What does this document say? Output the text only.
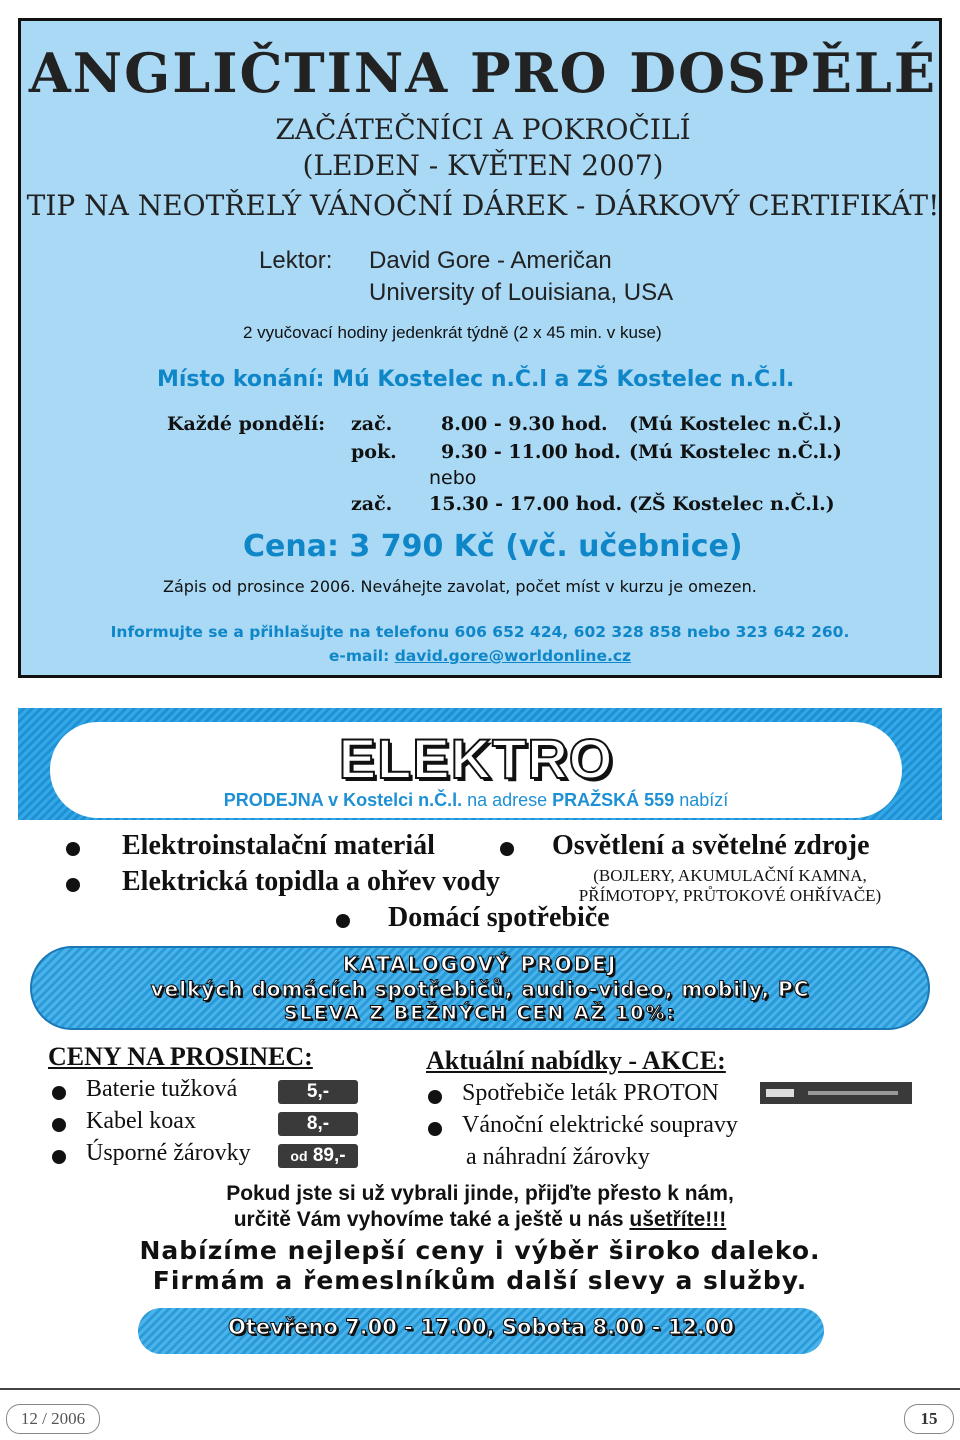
ANGLIČTINA PRO DOSPĚLÉ
ZAČÁTEČNÍCI A POKROČILÍ
(LEDEN - KVĚTEN 2007)
TIP NA NEOTŘELÝ VÁNOČNÍ DÁREK - DÁRKOVÝ CERTIFIKÁT!
Lektor: David Gore - Američan
University of Louisiana, USA
2 vyučovací hodiny jedenkrát týdně (2 x 45 min. v kuse)
Místo konání: Mú Kostelec n.Č.l a ZŠ Kostelec n.Č.l.
Každé pondělí: zač.	8.00 - 9.30 hod. (Mú Kostelec n.Č.l.)
pok. 9.30 - 11.00 hod. (Mú Kostelec n.Č.l.)
nebo
zač. 15.30 - 17.00 hod. (ZŠ Kostelec n.Č.l.)
Cena: 3 790 Kč (vč. učebnice)
Zápis od prosince 2006. Neváhejte zavolat, počet míst v kurzu je omezen.
Informujte se a přihlašujte na telefonu 606 652 424, 602 328 858 nebo 323 642 260.
e-mail: david.gore@worldonline.cz
ELEKTRO
PRODEJNA v Kostelci n.Č.l. na adrese PRAŽSKÁ 559 nabízí
Elektroinstalační materiál	Osvětlení a světelné zdroje
Elektrická topidla a ohřev vody	(BOJLERY, AKUMULAČNÍ KAMNA,
PŘÍMOTOPY, PRŮTOKOVÉ OHŘÍVAČE)
Domácí spotřebiče
KATALOGOVÝ PRODEJ
velkých domácích spotřebičů, audio-video, mobily, PC
SLEVA Z BEŽNÝCH CEN AŽ 10%:
CENY NA PROSINEC:
Baterie tužková	5,-
Kabel koax	8,-
Úsporné žárovky	od 89,-
Aktuální nabídky - AKCE:
Spotřebiče leták PROTON
Vánoční elektrické soupravy
a náhradní žárovky
Pokud jste si už vybrali jinde, přijďte přesto k nám,
určitě Vám vyhovíme také a ještě u nás ušetříte!!!
Nabízíme nejlepší ceny i výběr široko daleko.
Firmám a řemeslníkům další slevy a služby.
Otevřeno 7.00 - 17.00, Sobota 8.00 - 12.00
12 / 2006	15
